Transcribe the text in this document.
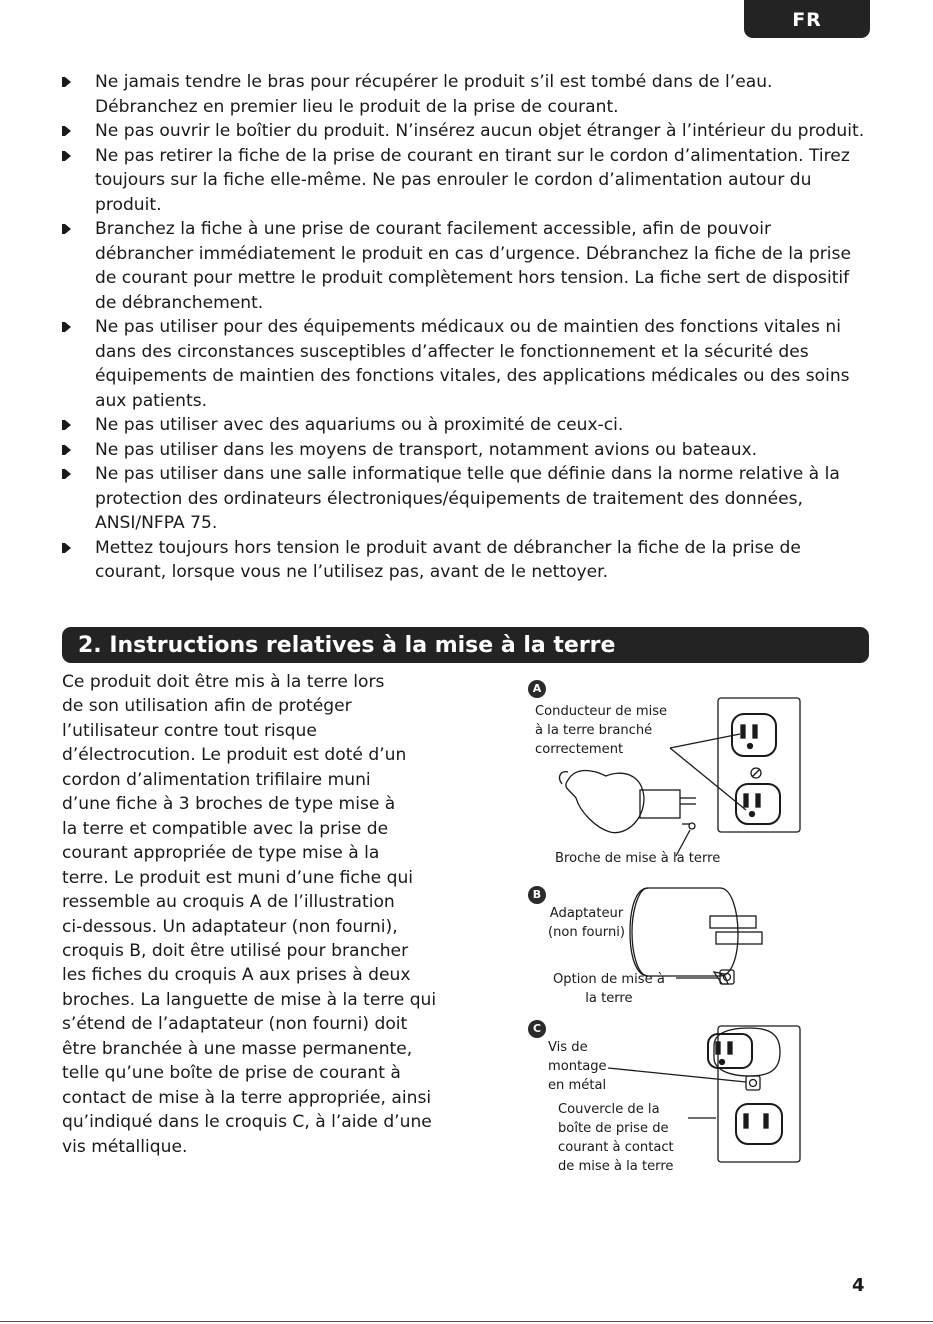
FR
Ne jamais tendre le bras pour récupérer le produit s’il est tombé dans de l’eau. Débranchez en premier lieu le produit de la prise de courant.
Ne pas ouvrir le boîtier du produit. N’insérez aucun objet étranger à l’intérieur du produit.
Ne pas retirer la fiche de la prise de courant en tirant sur le cordon d’alimentation. Tirez toujours sur la fiche elle-même. Ne pas enrouler le cordon d’alimentation autour du produit.
Branchez la fiche à une prise de courant facilement accessible, afin de pouvoir débrancher immédiatement le produit en cas d’urgence. Débranchez la fiche de la prise de courant pour mettre le produit complètement hors tension. La fiche sert de dispositif de débranchement.
Ne pas utiliser pour des équipements médicaux ou de maintien des fonctions vitales ni dans des circonstances susceptibles d’affecter le fonctionnement et la sécurité des équipements de maintien des fonctions vitales, des applications médicales ou des soins aux patients.
Ne pas utiliser avec des aquariums ou à proximité de ceux-ci.
Ne pas utiliser dans les moyens de transport, notamment avions ou bateaux.
Ne pas utiliser dans une salle informatique telle que définie dans la norme relative à la protection des ordinateurs électroniques/équipements de traitement des données, ANSI/NFPA 75.
Mettez toujours hors tension le produit avant de débrancher la fiche de la prise de courant, lorsque vous ne l’utilisez pas, avant de le nettoyer.
2. Instructions relatives à la mise à la terre

Ce produit doit être mis à la terre lors
de son utilisation afin de protéger
l’utilisateur contre tout risque
d’électrocution. Le produit est doté d’un
cordon d’alimentation trifilaire muni
d’une fiche à 3 broches de type mise à
la terre et compatible avec la prise de
courant appropriée de type mise à la
terre. Le produit est muni d’une fiche qui
ressemble au croquis A de l’illustration
ci-dessous. Un adaptateur (non fourni),
croquis B, doit être utilisé pour brancher
les fiches du croquis A aux prises à deux
broches. La languette de mise à la terre qui
s’étend de l’adaptateur (non fourni) doit
être branchée à une masse permanente,
telle qu’une boîte de prise de courant à
contact de mise à la terre appropriée, ainsi
qu’indiqué dans le croquis C, à l’aide d’une
vis métallique.

A
Conducteur de mise
à la terre branché
correctement
Broche de mise à la terre
B
Adaptateur
(non fourni)
Option de mise à
la terre
C
Vis de
montage
en métal
Couvercle de la
boîte de prise de
courant à contact
de mise à la terre
4
